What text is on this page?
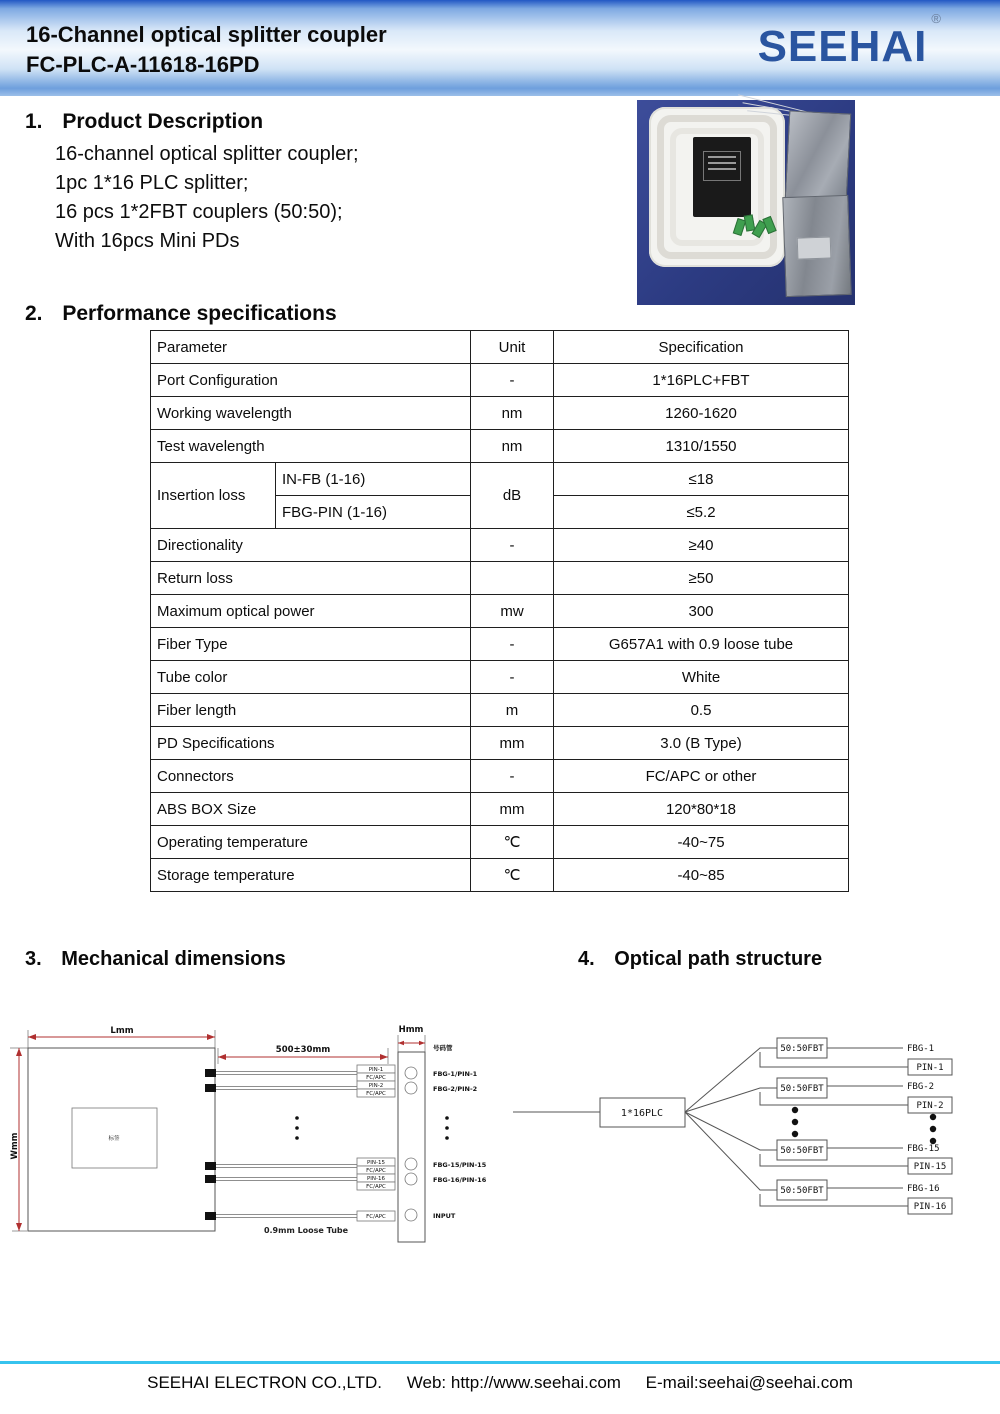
16-Channel optical splitter coupler
FC-PLC-A-11618-16PD	SEEHAI®
1. Product Description
16-channel optical splitter coupler;
1pc 1*16 PLC splitter;
16 pcs 1*2FBT couplers (50:50);
With 16pcs Mini PDs
2. Performance specifications
Parameter		Unit	Specification
Port Configuration		-	1*16PLC+FBT
Working wavelength		nm	1260-1620
Test wavelength		nm	1310/1550
Insertion loss	IN-FB (1-16)	dB	≤18
	FBG-PIN (1-16)		≤5.2
Directionality		-	≥40
Return loss			≥50
Maximum optical power		mw	300
Fiber Type		-	G657A1 with 0.9 loose tube
Tube color		-	White
Fiber length		m	0.5
PD Specifications		mm	3.0 (B Type)
Connectors		-	FC/APC or other
ABS BOX Size		mm	120*80*18
Operating temperature		℃	-40~75
Storage temperature		℃	-40~85
3. Mechanical dimensions	4. Optical path structure
Lmm
Wmm	标签
500±30mm
PIN-1
FC/APC
PIN-2
FC/APC
PIN-15
FC/APC
PIN-16
FC/APC
FC/APC
0.9mm Loose Tube
Hmm
号码管
FBG-1/PIN-1
FBG-2/PIN-2
FBG-15/PIN-15
FBG-16/PIN-16
INPUT
1*16PLC
50:50FBT
50:50FBT
50:50FBT
50:50FBT
FBG-1
PIN-1
FBG-2
PIN-2
FBG-15
PIN-15
FBG-16
PIN-16
SEEHAI ELECTRON CO.,LTD. Web: http://www.seehai.com E-mail:seehai@seehai.com
